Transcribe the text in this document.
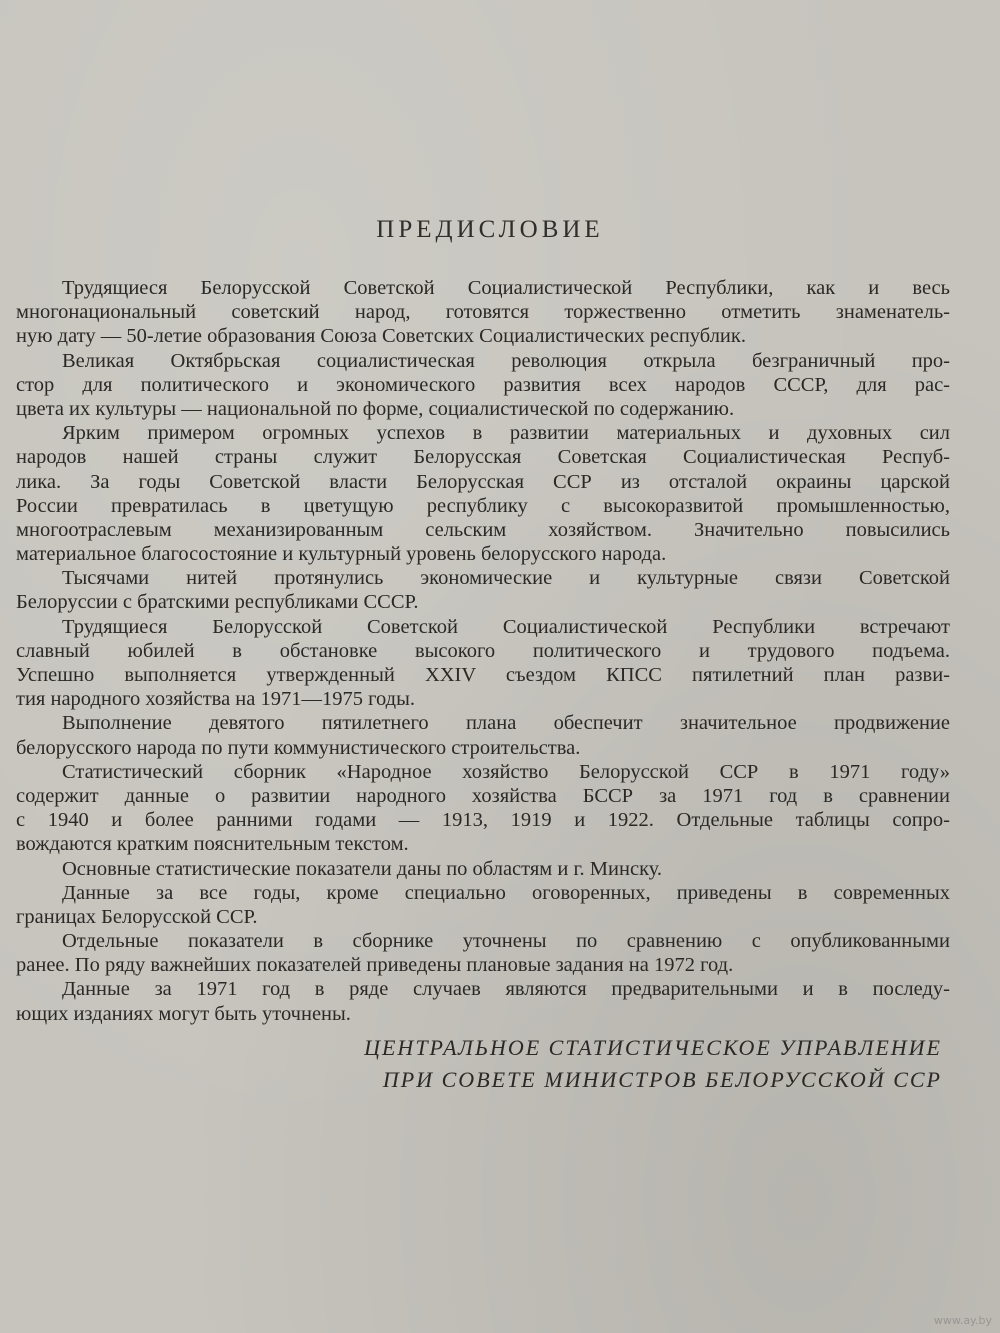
ПРЕДИСЛОВИЕ
Трудящиеся Белорусской Советской Социалистической Республики, как и весь
многонациональный советский народ, готовятся торжественно отметить знаменатель-
ную дату — 50-летие образования Союза Советских Социалистических республик.
Великая Октябрьская социалистическая революция открыла безграничный про-
стор для политического и экономического развития всех народов СССР, для рас-
цвета их культуры — национальной по форме, социалистической по содержанию.
Ярким примером огромных успехов в развитии материальных и духовных сил
народов нашей страны служит Белорусская Советская Социалистическая Респуб-
лика. За годы Советской власти Белорусская ССР из отсталой окраины царской
России превратилась в цветущую республику с высокоразвитой промышленностью,
многоотраслевым механизированным сельским хозяйством. Значительно повысились
материальное благосостояние и культурный уровень белорусского народа.
Тысячами нитей протянулись экономические и культурные связи Советской
Белоруссии с братскими республиками СССР.
Трудящиеся Белорусской Советской Социалистической Республики встречают
славный юбилей в обстановке высокого политического и трудового подъема.
Успешно выполняется утвержденный XXIV съездом КПСС пятилетний план разви-
тия народного хозяйства на 1971—1975 годы.
Выполнение девятого пятилетнего плана обеспечит значительное продвижение
белорусского народа по пути коммунистического строительства.
Статистический сборник «Народное хозяйство Белорусской ССР в 1971 году»
содержит данные о развитии народного хозяйства БССР за 1971 год в сравнении
с 1940 и более ранними годами — 1913, 1919 и 1922. Отдельные таблицы сопро-
вождаются кратким пояснительным текстом.
Основные статистические показатели даны по областям и г. Минску.
Данные за все годы, кроме специально оговоренных, приведены в современных
границах Белорусской ССР.
Отдельные показатели в сборнике уточнены по сравнению с опубликованными
ранее. По ряду важнейших показателей приведены плановые задания на 1972 год.
Данные за 1971 год в ряде случаев являются предварительными и в последу-
ющих изданиях могут быть уточнены.
ЦЕНТРАЛЬНОЕ СТАТИСТИЧЕСКОЕ УПРАВЛЕНИЕ
ПРИ СОВЕТЕ МИНИСТРОВ БЕЛОРУССКОЙ ССР
www.ay.by
